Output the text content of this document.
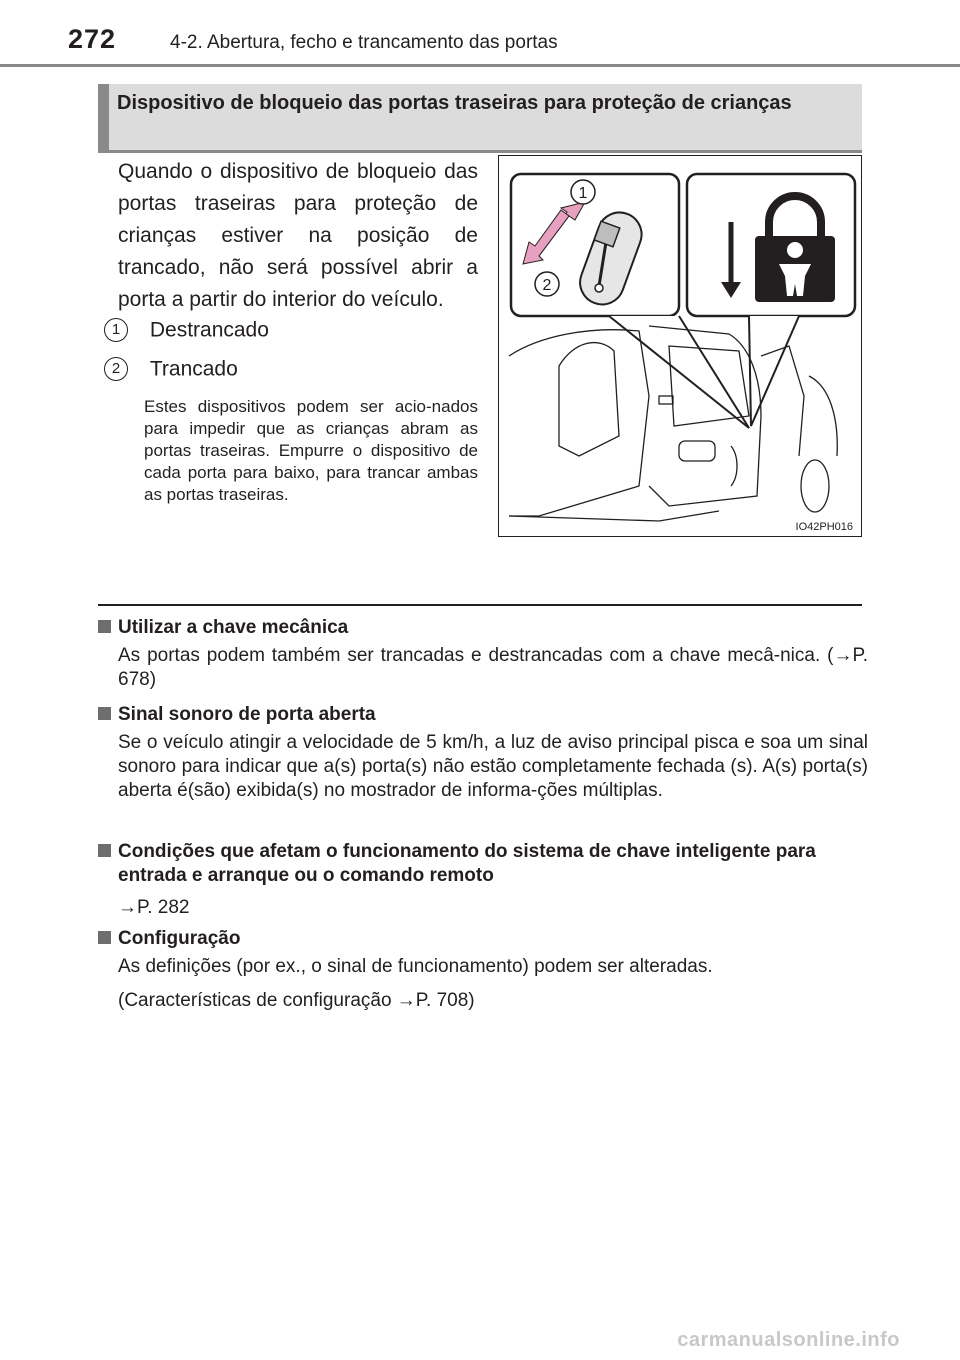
272	4-2. Abertura, fecho e trancamento das portas
Dispositivo de bloqueio das portas traseiras para proteção de crianças
Quando o dispositivo de bloqueio das portas traseiras para proteção de crianças estiver na posição de trancado, não será possível abrir a porta a partir do interior do veículo.
1 Destrancado
2 Trancado
Estes dispositivos podem ser acio-nados para impedir que as crianças abram as portas traseiras. Empurre o dispositivo de cada porta para baixo, para trancar ambas as portas traseiras.
1
2
IO42PH016
Utilizar a chave mecânica
As portas podem também ser trancadas e destrancadas com a chave mecâ-nica. (→P. 678)
Sinal sonoro de porta aberta
Se o veículo atingir a velocidade de 5 km/h, a luz de aviso principal pisca e soa um sinal sonoro para indicar que a(s) porta(s) não estão completamente fechada (s). A(s) porta(s) aberta é(são) exibida(s) no mostrador de informa-ções múltiplas.
Condições que afetam o funcionamento do sistema de chave inteligente para entrada e arranque ou o comando remoto
→P. 282
Configuração
As definições (por ex., o sinal de funcionamento) podem ser alteradas.
(Características de configuração →P. 708)
carmanualsonline.info
